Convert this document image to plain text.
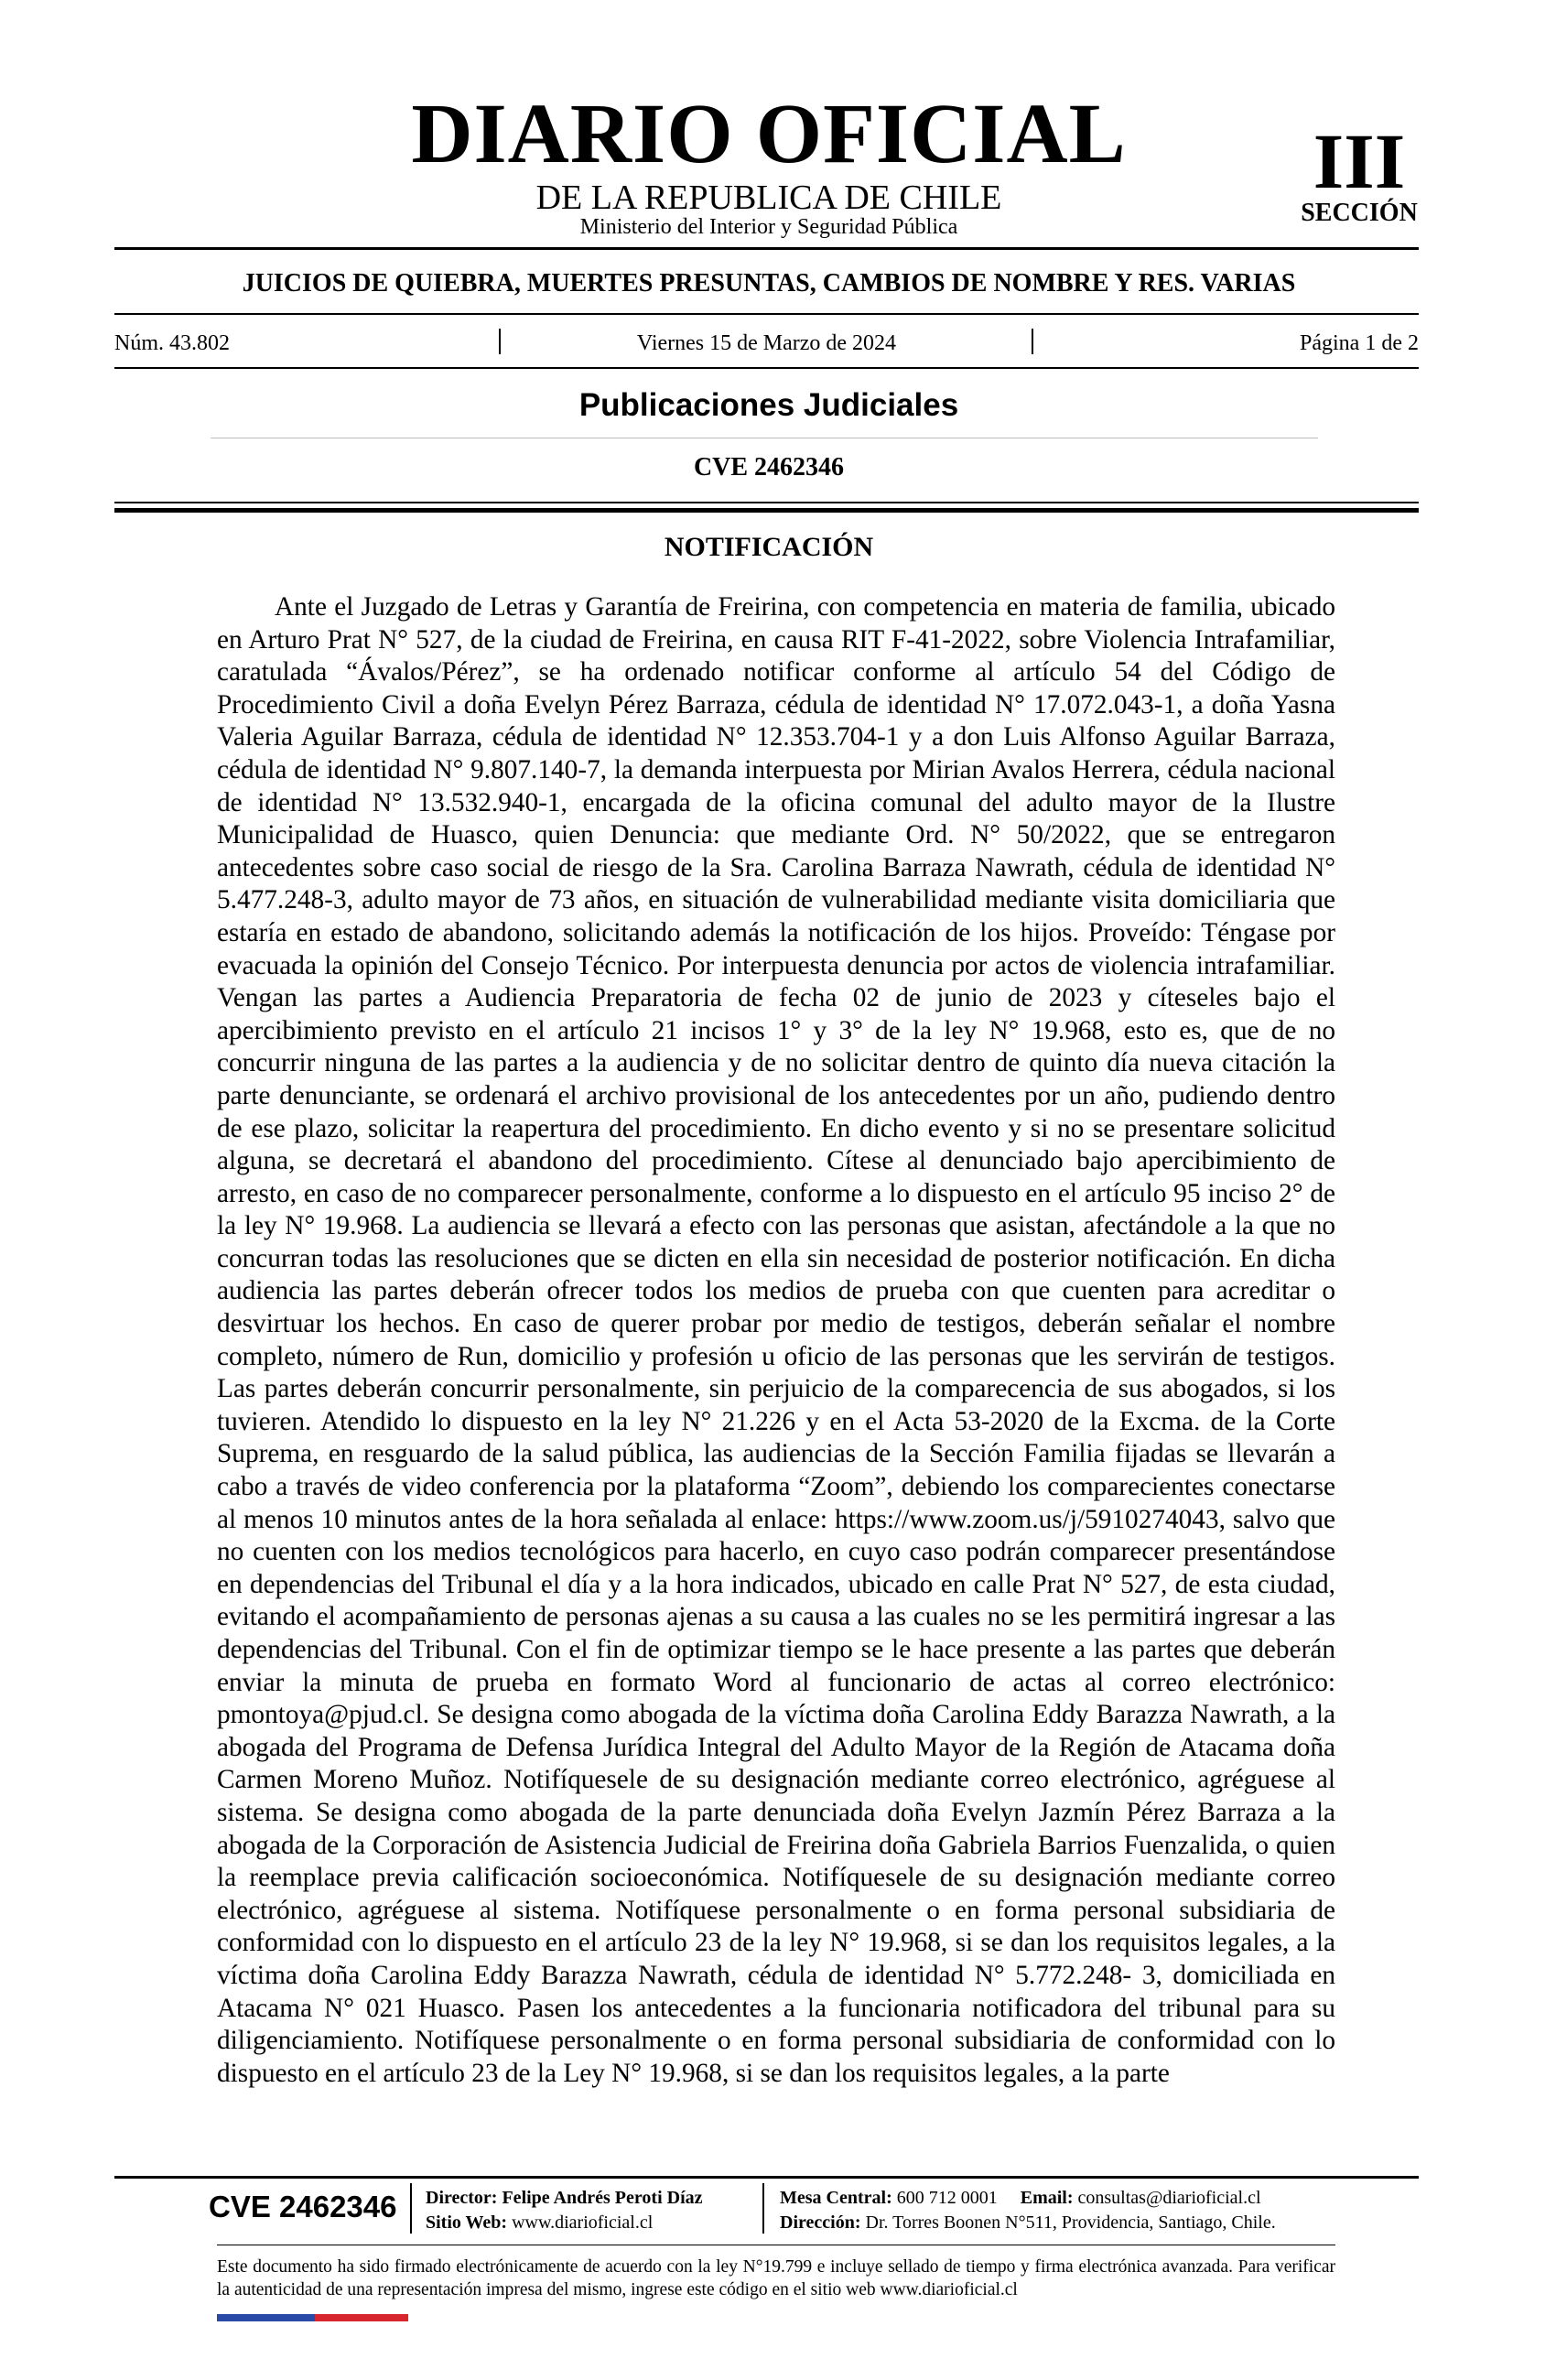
DIARIO OFICIAL
DE LA REPUBLICA DE CHILE
Ministerio del Interior y Seguridad Pública
III
SECCIÓN
JUICIOS DE QUIEBRA, MUERTES PRESUNTAS, CAMBIOS DE NOMBRE Y RES. VARIAS
Núm. 43.802	Viernes 15 de Marzo de 2024	Página 1 de 2
Publicaciones Judiciales
CVE 2462346
NOTIFICACIÓN

Ante el Juzgado de Letras y Garantía de Freirina, con competencia en materia de familia, ubicado en Arturo Prat N° 527, de la ciudad de Freirina, en causa RIT F-41-2022, sobre Violencia Intrafamiliar, caratulada “Ávalos/Pérez”, se ha ordenado notificar conforme al artículo 54 del Código de Procedimiento Civil a doña Evelyn Pérez Barraza, cédula de identidad N° 17.072.043-1, a doña Yasna Valeria Aguilar Barraza, cédula de identidad N° 12.353.704-1 y a don Luis Alfonso Aguilar Barraza, cédula de identidad N° 9.807.140-7, la demanda interpuesta por Mirian Avalos Herrera, cédula nacional de identidad N° 13.532.940-1, encargada de la oficina comunal del adulto mayor de la Ilustre Municipalidad de Huasco, quien Denuncia: que mediante Ord. N° 50/2022, que se entregaron antecedentes sobre caso social de riesgo de la Sra. Carolina Barraza Nawrath, cédula de identidad N° 5.477.248-3, adulto mayor de 73 años, en situación de vulnerabilidad mediante visita domiciliaria que estaría en estado de abandono, solicitando además la notificación de los hijos. Proveído: Téngase por evacuada la opinión del Consejo Técnico. Por interpuesta denuncia por actos de violencia intrafamiliar. Vengan las partes a Audiencia Preparatoria de fecha 02 de junio de 2023 y cíteseles bajo el apercibimiento previsto en el artículo 21 incisos 1° y 3° de la ley N° 19.968, esto es, que de no concurrir ninguna de las partes a la audiencia y de no solicitar dentro de quinto día nueva citación la parte denunciante, se ordenará el archivo provisional de los antecedentes por un año, pudiendo dentro de ese plazo, solicitar la reapertura del procedimiento. En dicho evento y si no se presentare solicitud alguna, se decretará el abandono del procedimiento. Cítese al denunciado bajo apercibimiento de arresto, en caso de no comparecer personalmente, conforme a lo dispuesto en el artículo 95 inciso 2° de la ley N° 19.968. La audiencia se llevará a efecto con las personas que asistan, afectándole a la que no concurran todas las resoluciones que se dicten en ella sin necesidad de posterior notificación. En dicha audiencia las partes deberán ofrecer todos los medios de prueba con que cuenten para acreditar o desvirtuar los hechos. En caso de querer probar por medio de testigos, deberán señalar el nombre completo, número de Run, domicilio y profesión u oficio de las personas que les servirán de testigos. Las partes deberán concurrir personalmente, sin perjuicio de la comparecencia de sus abogados, si los tuvieren. Atendido lo dispuesto en la ley N° 21.226 y en el Acta 53-2020 de la Excma. de la Corte Suprema, en resguardo de la salud pública, las audiencias de la Sección Familia fijadas se llevarán a cabo a través de video conferencia por la plataforma “Zoom”, debiendo los comparecientes conectarse al menos 10 minutos antes de la hora señalada al enlace: https://www.zoom.us/j/5910274043, salvo que no cuenten con los medios tecnológicos para hacerlo, en cuyo caso podrán comparecer presentándose en dependencias del Tribunal el día y a la hora indicados, ubicado en calle Prat N° 527, de esta ciudad, evitando el acompañamiento de personas ajenas a su causa a las cuales no se les permitirá ingresar a las dependencias del Tribunal. Con el fin de optimizar tiempo se le hace presente a las partes que deberán enviar la minuta de prueba en formato Word al funcionario de actas al correo electrónico: pmontoya@pjud.cl. Se designa como abogada de la víctima doña Carolina Eddy Barazza Nawrath, a la abogada del Programa de Defensa Jurídica Integral del Adulto Mayor de la Región de Atacama doña Carmen Moreno Muñoz. Notifíquesele de su designación mediante correo electrónico, agréguese al sistema. Se designa como abogada de la parte denunciada doña Evelyn Jazmín Pérez Barraza a la abogada de la Corporación de Asistencia Judicial de Freirina doña Gabriela Barrios Fuenzalida, o quien la reemplace previa calificación socioeconómica. Notifíquesele de su designación mediante correo electrónico, agréguese al sistema. Notifíquese personalmente o en forma personal subsidiaria de conformidad con lo dispuesto en el artículo 23 de la ley N° 19.968, si se dan los requisitos legales, a la víctima doña Carolina Eddy Barazza Nawrath, cédula de identidad N° 5.772.248- 3, domiciliada en Atacama N° 021 Huasco. Pasen los antecedentes a la funcionaria notificadora del tribunal para su diligenciamiento. Notifíquese personalmente o en forma personal subsidiaria de conformidad con lo dispuesto en el artículo 23 de la Ley N° 19.968, si se dan los requisitos legales, a la parte

CVE 2462346 Director: Felipe Andrés Peroti Díaz
Sitio Web: www.diarioficial.cl
Mesa Central: 600 712 0001 Email: consultas@diarioficial.cl
Dirección: Dr. Torres Boonen N°511, Providencia, Santiago, Chile.

Este documento ha sido firmado electrónicamente de acuerdo con la ley N°19.799 e incluye sellado de tiempo y firma electrónica avanzada. Para verificar la autenticidad de una representación impresa del mismo, ingrese este código en el sitio web www.diarioficial.cl
